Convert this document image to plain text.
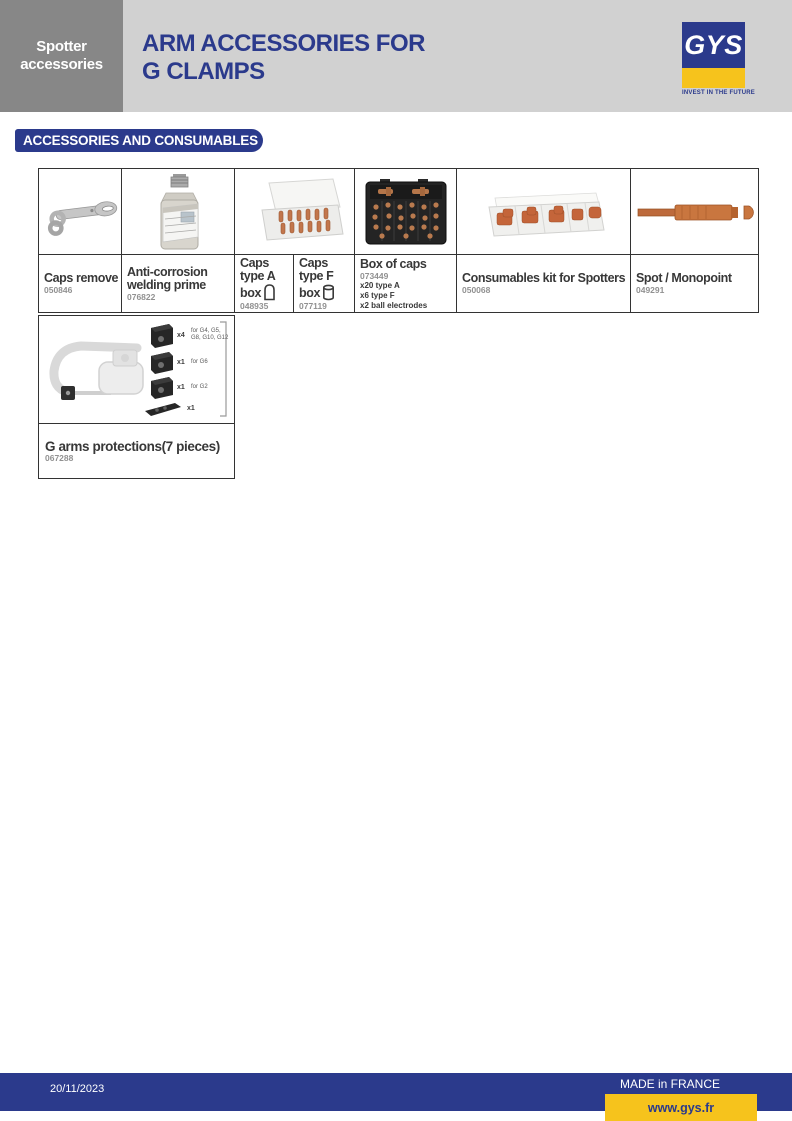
Spotter
accessories
ARM ACCESSORIES FOR
G CLAMPS
GYS
INVEST IN THE FUTURE
ACCESSORIES AND CONSUMABLES
Caps remove
050846
Anti-corrosion welding prime
076822
Caps type A box
048935
Caps type F box
077119
Box of caps
073449
x20 type A
x6 type F
x2 ball electrodes
Consumables kit for Spotters
050068
Spot / Monopoint
049291
x4
for G4, G5,
G8, G10, G12
x1 for G6
x1 for G2
x1
G arms protections(7 pieces)
067288
20/11/2023	MADE in FRANCE
www.gys.fr
